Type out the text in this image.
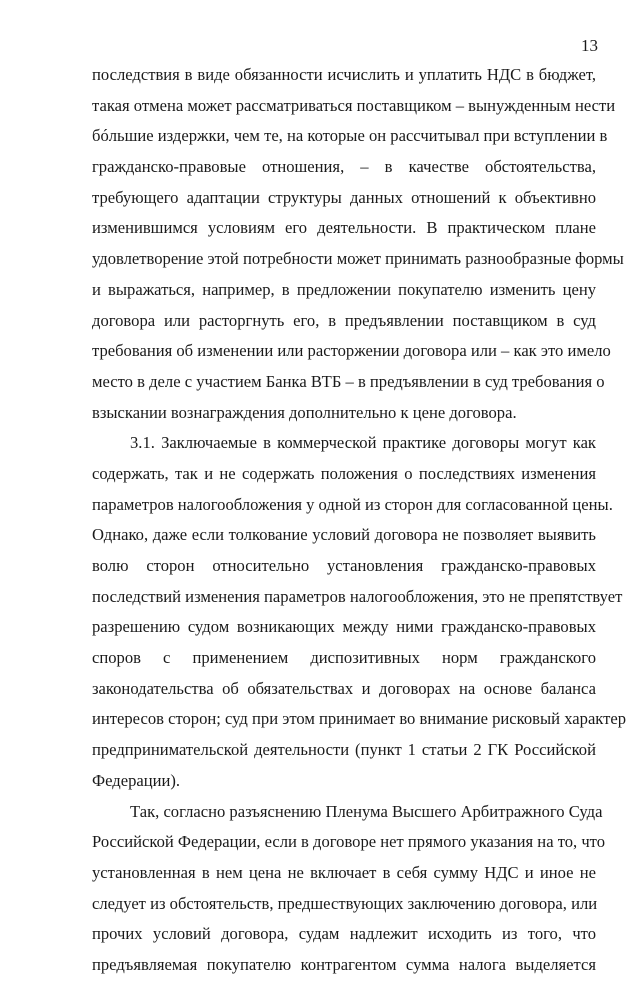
13
последствия в виде обязанности исчислить и уплатить НДС в бюджет,
такая отмена может рассматриваться поставщиком – вынужденным нести
бóльшие издержки, чем те, на которые он рассчитывал при вступлении в
гражданско-правовые отношения, – в качестве обстоятельства,
требующего адаптации структуры данных отношений к объективно
изменившимся условиям его деятельности. В практическом плане
удовлетворение этой потребности может принимать разнообразные формы
и выражаться, например, в предложении покупателю изменить цену
договора или расторгнуть его, в предъявлении поставщиком в суд
требования об изменении или расторжении договора или – как это имело
место в деле с участием Банка ВТБ – в предъявлении в суд требования о
взыскании вознаграждения дополнительно к цене договора.
3.1. Заключаемые в коммерческой практике договоры могут как
содержать, так и не содержать положения о последствиях изменения
параметров налогообложения у одной из сторон для согласованной цены.
Однако, даже если толкование условий договора не позволяет выявить
волю сторон относительно установления гражданско-правовых
последствий изменения параметров налогообложения, это не препятствует
разрешению судом возникающих между ними гражданско-правовых
споров с применением диспозитивных норм гражданского
законодательства об обязательствах и договорах на основе баланса
интересов сторон; суд при этом принимает во внимание рисковый характер
предпринимательской деятельности (пункт 1 статьи 2 ГК Российской
Федерации).
Так, согласно разъяснению Пленума Высшего Арбитражного Суда
Российской Федерации, если в договоре нет прямого указания на то, что
установленная в нем цена не включает в себя сумму НДС и иное не
следует из обстоятельств, предшествующих заключению договора, или
прочих условий договора, судам надлежит исходить из того, что
предъявляемая покупателю контрагентом сумма налога выделяется
